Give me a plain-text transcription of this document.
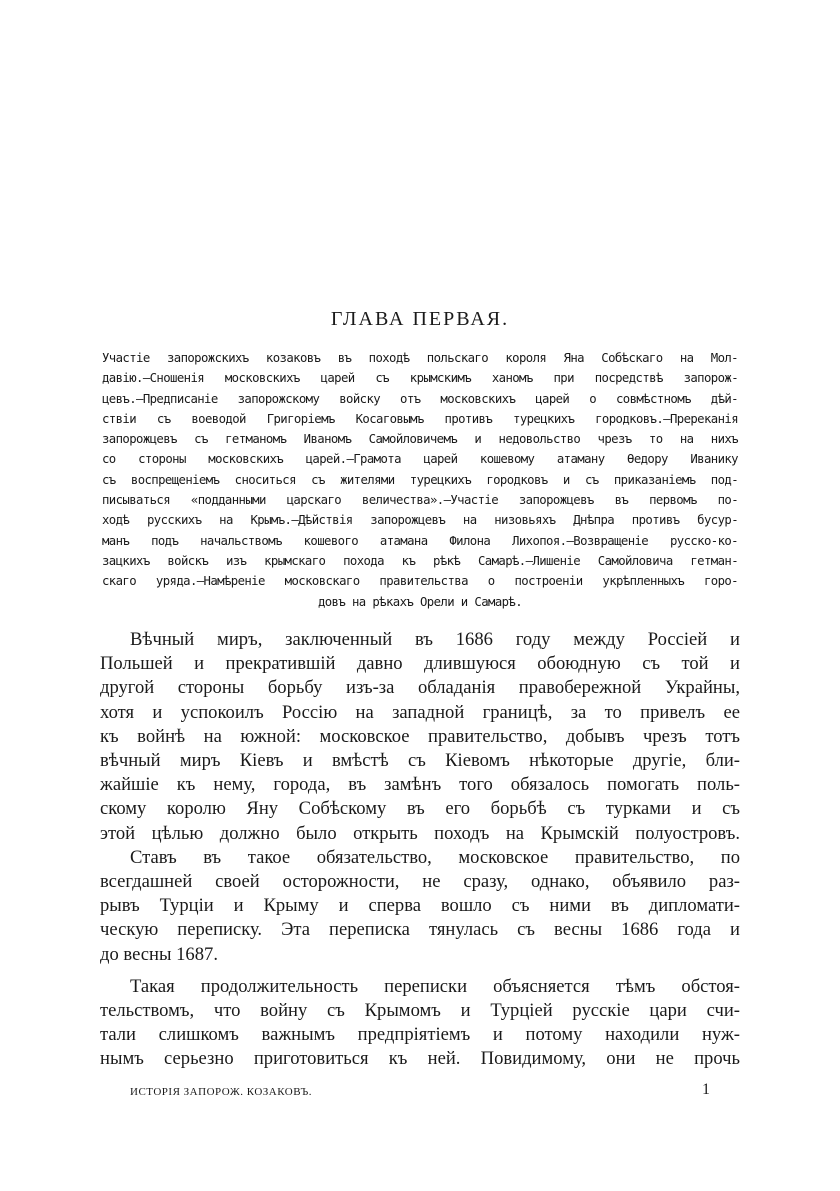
ГЛАВА ПЕРВАЯ.
Участіе запорожскихъ козаковъ въ походѣ польскаго короля Яна Собѣскаго на Мол-
давію.—Сношенія московскихъ царей съ крымскимъ ханомъ при посредствѣ запорож-
цевъ.—Предписаніе запорожскому войску отъ московскихъ царей о совмѣстномъ дѣй-
ствіи съ воеводой Григоріемъ Косаговымъ противъ турецкихъ городковъ.—Пререканія
запорожцевъ съ гетманомъ Иваномъ Самойловичемъ и недовольство чрезъ то на нихъ
со стороны московскихъ царей.—Грамота царей кошевому атаману Ѳедору Иванику
съ воспрещеніемъ сноситься съ жителями турецкихъ городковъ и съ приказаніемъ под-
писываться «подданными царскаго величества».—Участіе запорожцевъ въ первомъ по-
ходѣ русскихъ на Крымъ.—Дѣйствія запорожцевъ на низовьяхъ Днѣпра противъ бусур-
манъ подъ начальствомъ кошевого атамана Филона Лихопоя.—Возвращеніе русско-ко-
зацкихъ войскъ изъ крымскаго похода къ рѣкѣ Самарѣ.—Лишеніе Самойловича гетман-
скаго уряда.—Намѣреніе московскаго правительства о построеніи укрѣпленныхъ горо-
довъ на рѣкахъ Орели и Самарѣ.
Вѣчный миръ, заключенный въ 1686 году между Россіей и
Польшей и прекратившій давно длившуюся обоюдную съ той и
другой стороны борьбу изъ-за обладанія правобережной Украйны,
хотя и успокоилъ Россію на западной границѣ, за то привелъ ее
къ войнѣ на южной: московское правительство, добывъ чрезъ тотъ
вѣчный миръ Кіевъ и вмѣстѣ съ Кіевомъ нѣкоторые другіе, бли-
жайшіе къ нему, города, въ замѣнъ того обязалось помогать поль-
скому королю Яну Собѣскому въ его борьбѣ съ турками и съ
этой цѣлью должно было открыть походъ на Крымскій полуостровъ.
Ставъ въ такое обязательство, московское правительство, по
всегдашней своей осторожности, не сразу, однако, объявило раз-
рывъ Турціи и Крыму и сперва вошло съ ними въ дипломати-
ческую переписку. Эта переписка тянулась съ весны 1686 года и
до весны 1687.
Такая продолжительность переписки объясняется тѣмъ обстоя-
тельствомъ, что войну съ Крымомъ и Турціей русскіе цари счи-
тали слишкомъ важнымъ предпріятіемъ и потому находили нуж-
нымъ серьезно приготовиться къ ней. Повидимому, они не прочь
ИСТОРІЯ ЗАПОРОЖ. КОЗАКОВЪ.	1
